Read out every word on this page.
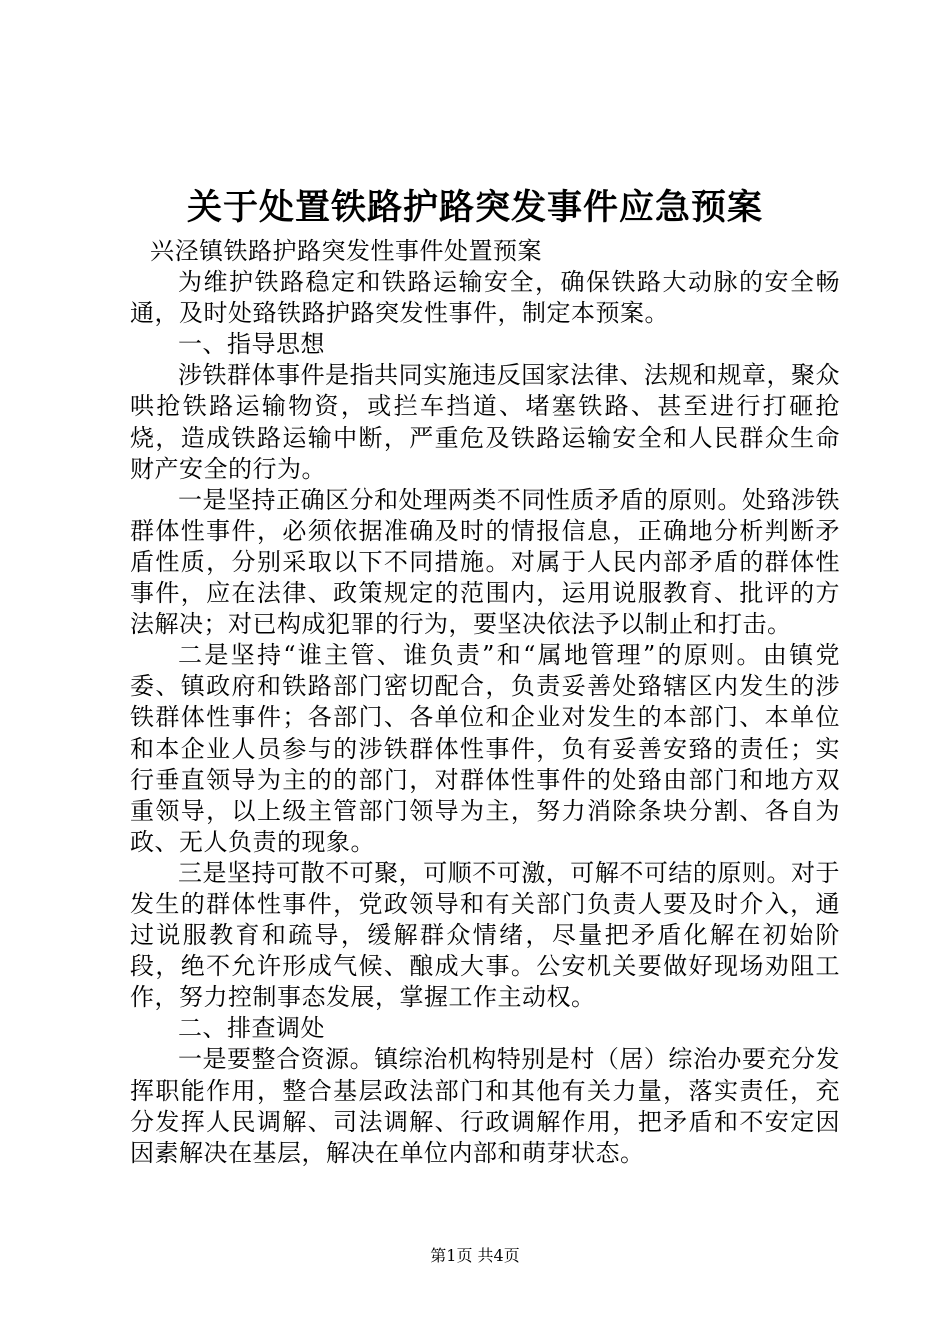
关于处置铁路护路突发事件应急预案

兴泾镇铁路护路突发性事件处置预案

为维护铁路稳定和铁路运输安全，确保铁路大动脉的安全畅通，及时处臵铁路护路突发性事件，制定本预案。

一、指导思想

涉铁群体事件是指共同实施违反国家法律、法规和规章，聚众哄抢铁路运输物资，或拦车挡道、堵塞铁路、甚至进行打砸抢烧，造成铁路运输中断，严重危及铁路运输安全和人民群众生命财产安全的行为。

一是坚持正确区分和处理两类不同性质矛盾的原则。处臵涉铁群体性事件，必须依据准确及时的情报信息，正确地分析判断矛盾性质，分别采取以下不同措施。对属于人民内部矛盾的群体性事件，应在法律、政策规定的范围内，运用说服教育、批评的方法解决；对已构成犯罪的行为，要坚决依法予以制止和打击。

二是坚持“谁主管、谁负责”和“属地管理”的原则。由镇党委、镇政府和铁路部门密切配合，负责妥善处臵辖区内发生的涉铁群体性事件；各部门、各单位和企业对发生的本部门、本单位和本企业人员参与的涉铁群体性事件，负有妥善安臵的责任；实行垂直领导为主的的部门，对群体性事件的处臵由部门和地方双重领导，以上级主管部门领导为主，努力消除条块分割、各自为政、无人负责的现象。

三是坚持可散不可聚，可顺不可激，可解不可结的原则。对于发生的群体性事件，党政领导和有关部门负责人要及时介入，通过说服教育和疏导，缓解群众情绪，尽量把矛盾化解在初始阶段，绝不允许形成气候、酿成大事。公安机关要做好现场劝阻工作，努力控制事态发展，掌握工作主动权。

二、排查调处

一是要整合资源。镇综治机构特别是村（居）综治办要充分发挥职能作用，整合基层政法部门和其他有关力量，落实责任，充分发挥人民调解、司法调解、行政调解作用，把矛盾和不安定因因素解决在基层，解决在单位内部和萌芽状态。

第1页 共4页
